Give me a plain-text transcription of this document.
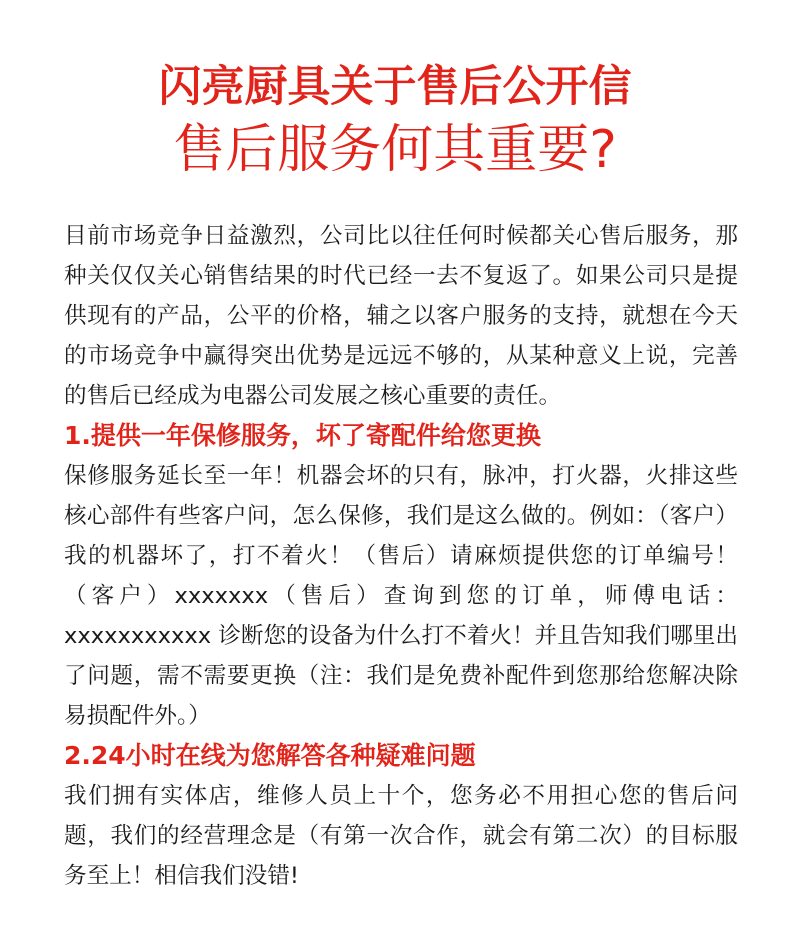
闪亮厨具关于售后公开信
售后服务何其重要?

目前市场竞争日益激烈，公司比以往任何时候都关心售后服务，那种关仅仅关心销售结果的时代已经一去不复返了。如果公司只是提供现有的产品，公平的价格，辅之以客户服务的支持，就想在今天的市场竞争中赢得突出优势是远远不够的，从某种意义上说，完善的售后已经成为电器公司发展之核心重要的责任。

1.提供一年保修服务，坏了寄配件给您更换

保修服务延长至一年！机器会坏的只有，脉冲，打火器，火排这些核心部件有些客户问，怎么保修，我们是这么做的。例如：（客户）我的机器坏了，打不着火！（售后）请麻烦提供您的订单编号！（客户）xxxxxxx（售后）查询到您的订单，师傅电话：xxxxxxxxxxx 诊断您的设备为什么打不着火！并且告知我们哪里出了问题，需不需要更换（注：我们是免费补配件到您那给您解决除易损配件外。）

2.24小时在线为您解答各种疑难问题

我们拥有实体店，维修人员上十个，您务必不用担心您的售后问题，我们的经营理念是（有第一次合作，就会有第二次）的目标服务至上！相信我们没错!
